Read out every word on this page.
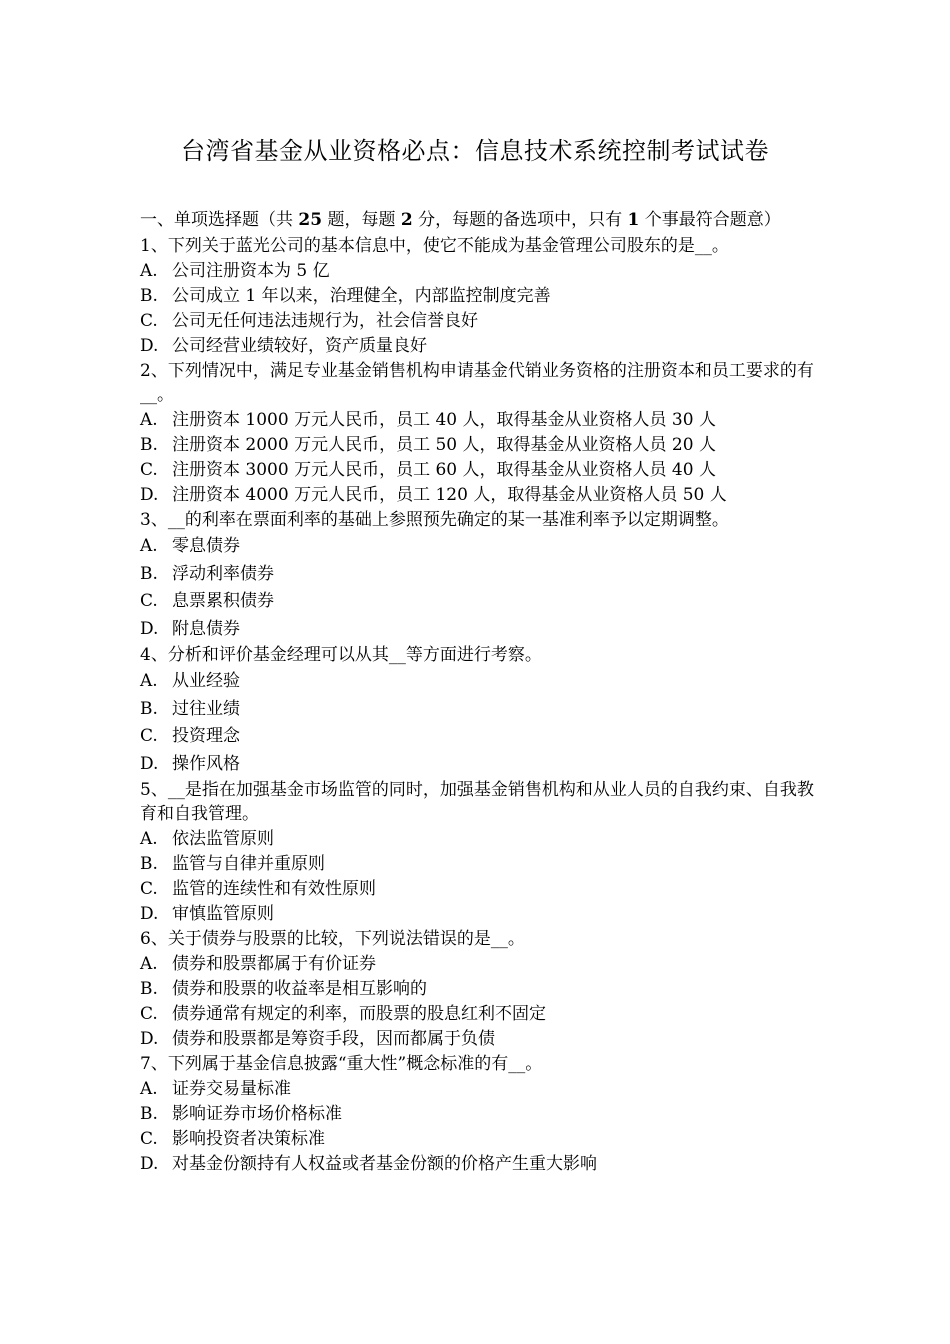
台湾省基金从业资格必点：信息技术系统控制考试试卷
一、单项选择题（共 25 题，每题 2 分，每题的备选项中，只有 1 个事最符合题意）
1、下列关于蓝光公司的基本信息中，使它不能成为基金管理公司股东的是__。
A. 公司注册资本为 5 亿
B. 公司成立 1 年以来，治理健全，内部监控制度完善
C. 公司无任何违法违规行为，社会信誉良好
D. 公司经营业绩较好，资产质量良好
2、下列情况中，满足专业基金销售机构申请基金代销业务资格的注册资本和员工要求的有__。
A. 注册资本 1000 万元人民币，员工 40 人，取得基金从业资格人员 30 人
B. 注册资本 2000 万元人民币，员工 50 人，取得基金从业资格人员 20 人
C. 注册资本 3000 万元人民币，员工 60 人，取得基金从业资格人员 40 人
D. 注册资本 4000 万元人民币，员工 120 人，取得基金从业资格人员 50 人
3、__的利率在票面利率的基础上参照预先确定的某一基准利率予以定期调整。
A. 零息债券
B. 浮动利率债券
C. 息票累积债券
D. 附息债券
4、分析和评价基金经理可以从其__等方面进行考察。
A. 从业经验
B. 过往业绩
C. 投资理念
D. 操作风格
5、__是指在加强基金市场监管的同时，加强基金销售机构和从业人员的自我约束、自我教育和自我管理。
A. 依法监管原则
B. 监管与自律并重原则
C. 监管的连续性和有效性原则
D. 审慎监管原则
6、关于债券与股票的比较，下列说法错误的是__。
A. 债券和股票都属于有价证券
B. 债券和股票的收益率是相互影响的
C. 债券通常有规定的利率，而股票的股息红利不固定
D. 债券和股票都是筹资手段，因而都属于负债
7、下列属于基金信息披露“重大性”概念标准的有__。
A. 证券交易量标准
B. 影响证券市场价格标准
C. 影响投资者决策标准
D. 对基金份额持有人权益或者基金份额的价格产生重大影响
